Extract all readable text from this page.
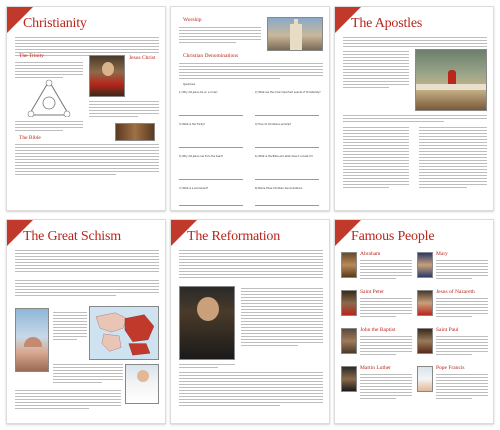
Christianity
The Trinity
The Bible
Jesus Christ
Worship
Christian Denominations
Questions
1) Why did Jesus die on a cross?	2) What are the most important events of Christianity?
3) What is the Trinity?	4) How do Christians worship?
5) Why did Jesus rise from the dead?	6) What is the Bible and what does it consist of?
7) What is a sacrament?	8) Name three Christian denominations.
The Apostles
The Great Schism	The Reformation	Famous People
Abraham
Saint Peter
John the Baptist
Martin Luther
Mary
Jesus of Nazareth
Saint Paul
Pope Francis
